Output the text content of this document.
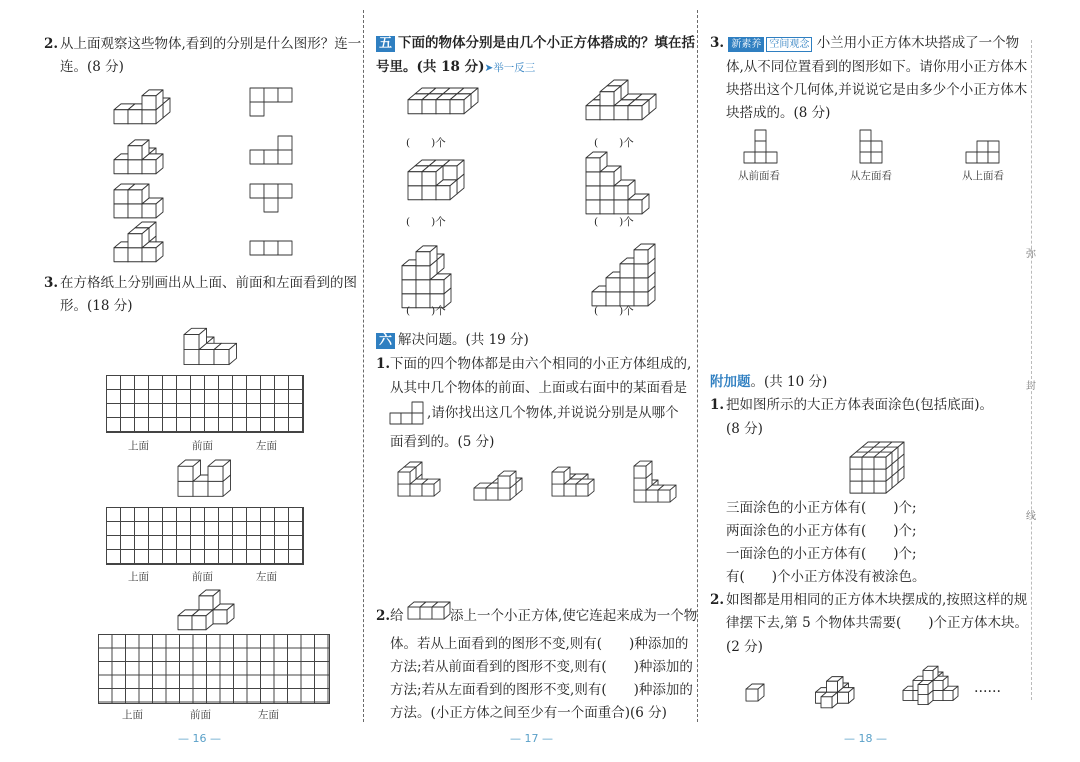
2. 从上面观察这些物体,看到的分别是什么图形？连一
连。(8 分)
3. 在方格纸上分别画出从上面、前面和左面看到的图
形。(18 分)
上面	前面	左面
上面	前面	左面
上面	前面	左面
— 16 —
五 下面的物体分别是由几个小正方体搭成的？填在括
号里。(共 18 分)➤举一反三
(　　)个	(　　)个
(　　)个	(　　)个
(　　)个	(　　)个
六 解决问题。(共 19 分)
1. 下面的四个物体都是由六个相同的小正方体组成的,
从其中几个物体的前面、上面或右面中的某面看是
,请你找出这几个物体,并说说分别是从哪个
面看到的。(5 分)
2. 给	添上一个小正方体,使它连起来成为一个物
体。若从上面看到的图形不变,则有(　　)种添加的
方法;若从前面看到的图形不变,则有(　　)种添加的
方法;若从左面看到的图形不变,则有(　　)种添加的
方法。(小正方体之间至少有一个面重合)(6 分)
— 17 —
3. 新素养 空间观念 小兰用小正方体木块搭成了一个物
体,从不同位置看到的图形如下。请你用小正方体木
块搭出这个几何体,并说说它是由多少个小正方体木
块搭成的。(8 分)
从前面看	从左面看	从上面看
附加题。(共 10 分)
1. 把如图所示的大正方体表面涂色(包括底面)。
(8 分)
三面涂色的小正方体有(　　)个;
两面涂色的小正方体有(　　)个;
一面涂色的小正方体有(　　)个;
有(　　)个小正方体没有被涂色。
2. 如图都是用相同的正方体木块摆成的,按照这样的规
律摆下去,第 5 个物体共需要(　　)个正方体木块。
(2 分)
……
弥
封
线
— 18 —
